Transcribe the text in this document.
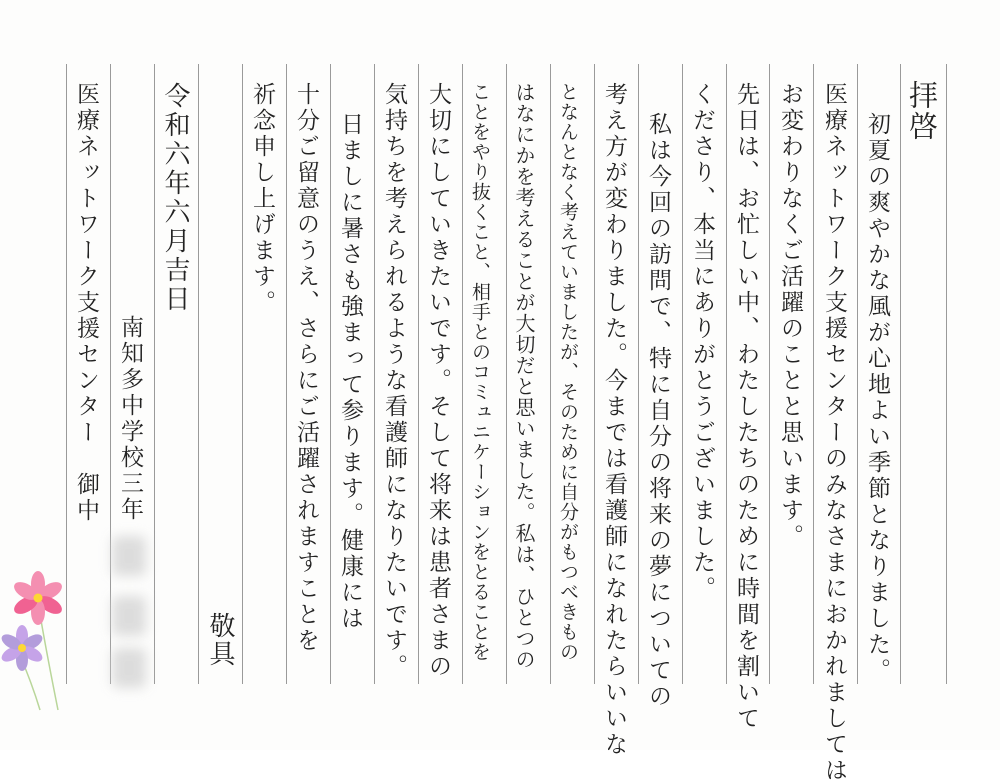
拝啓
初夏の爽やかな風が心地よい季節となりました。
医療ネットワーク支援センターのみなさまにおかれましては
お変わりなくご活躍のことと思います。
先日は、お忙しい中、わたしたちのために時間を割いて
くださり、本当にありがとうございました。
私は今回の訪問で、特に自分の将来の夢についての
考え方が変わりました。今までは看護師になれたらいいな
となんとなく考えていましたが、そのために自分がもつべきもの
はなにかを考えることが大切だと思いました。私は、ひとつの
ことをやり抜くこと、相手とのコミュニケーションをとることを
大切にしていきたいです。そして将来は患者さまの
気持ちを考えられるような看護師になりたいです。
日ましに暑さも強まって参ります。健康には
十分ご留意のうえ、さらにご活躍されますことを
祈念申し上げます。
敬具
令和六年六月吉日
南知多中学校三年
医療ネットワーク支援センター　御中
